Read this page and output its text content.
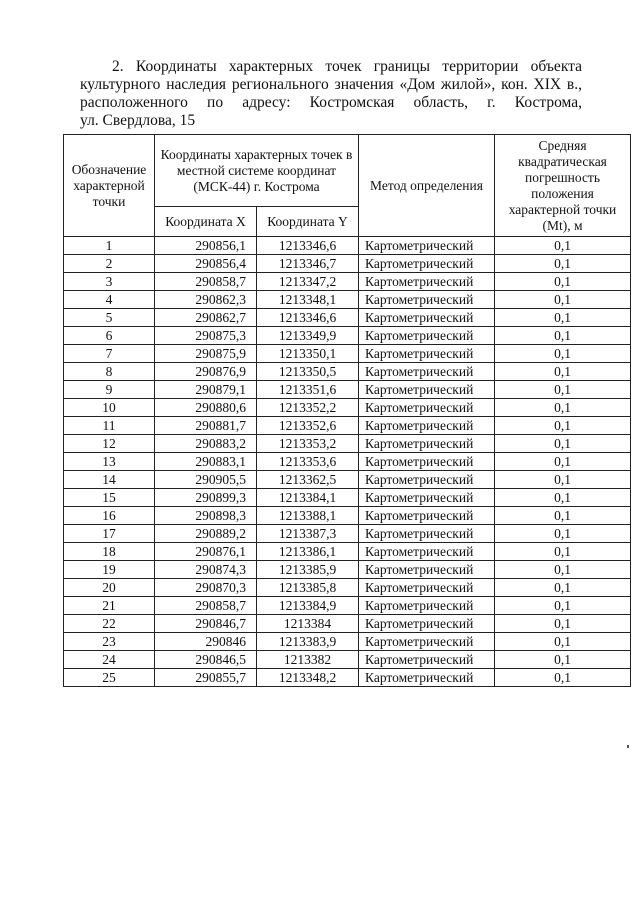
2. Координаты характерных точек границы территории объекта
культурного наследия регионального значения «Дом жилой», кон. XIX в.,
расположенного по адресу: Костромская область, г. Кострома,
ул. Свердлова, 15
Обозначение характерной точки	Координаты характерных точек в местной системе координат (МСК-44) г. Кострома		Метод определения	Средняя квадратическая погрешность положения характерной точки (Mt), м
	Координата X	Координата Y		
1	290856,1	1213346,6	Картометрический	0,1
2	290856,4	1213346,7	Картометрический	0,1
3	290858,7	1213347,2	Картометрический	0,1
4	290862,3	1213348,1	Картометрический	0,1
5	290862,7	1213346,6	Картометрический	0,1
6	290875,3	1213349,9	Картометрический	0,1
7	290875,9	1213350,1	Картометрический	0,1
8	290876,9	1213350,5	Картометрический	0,1
9	290879,1	1213351,6	Картометрический	0,1
10	290880,6	1213352,2	Картометрический	0,1
11	290881,7	1213352,6	Картометрический	0,1
12	290883,2	1213353,2	Картометрический	0,1
13	290883,1	1213353,6	Картометрический	0,1
14	290905,5	1213362,5	Картометрический	0,1
15	290899,3	1213384,1	Картометрический	0,1
16	290898,3	1213388,1	Картометрический	0,1
17	290889,2	1213387,3	Картометрический	0,1
18	290876,1	1213386,1	Картометрический	0,1
19	290874,3	1213385,9	Картометрический	0,1
20	290870,3	1213385,8	Картометрический	0,1
21	290858,7	1213384,9	Картометрический	0,1
22	290846,7	1213384	Картометрический	0,1
23	290846	1213383,9	Картометрический	0,1
24	290846,5	1213382	Картометрический	0,1
25	290855,7	1213348,2	Картометрический	0,1
